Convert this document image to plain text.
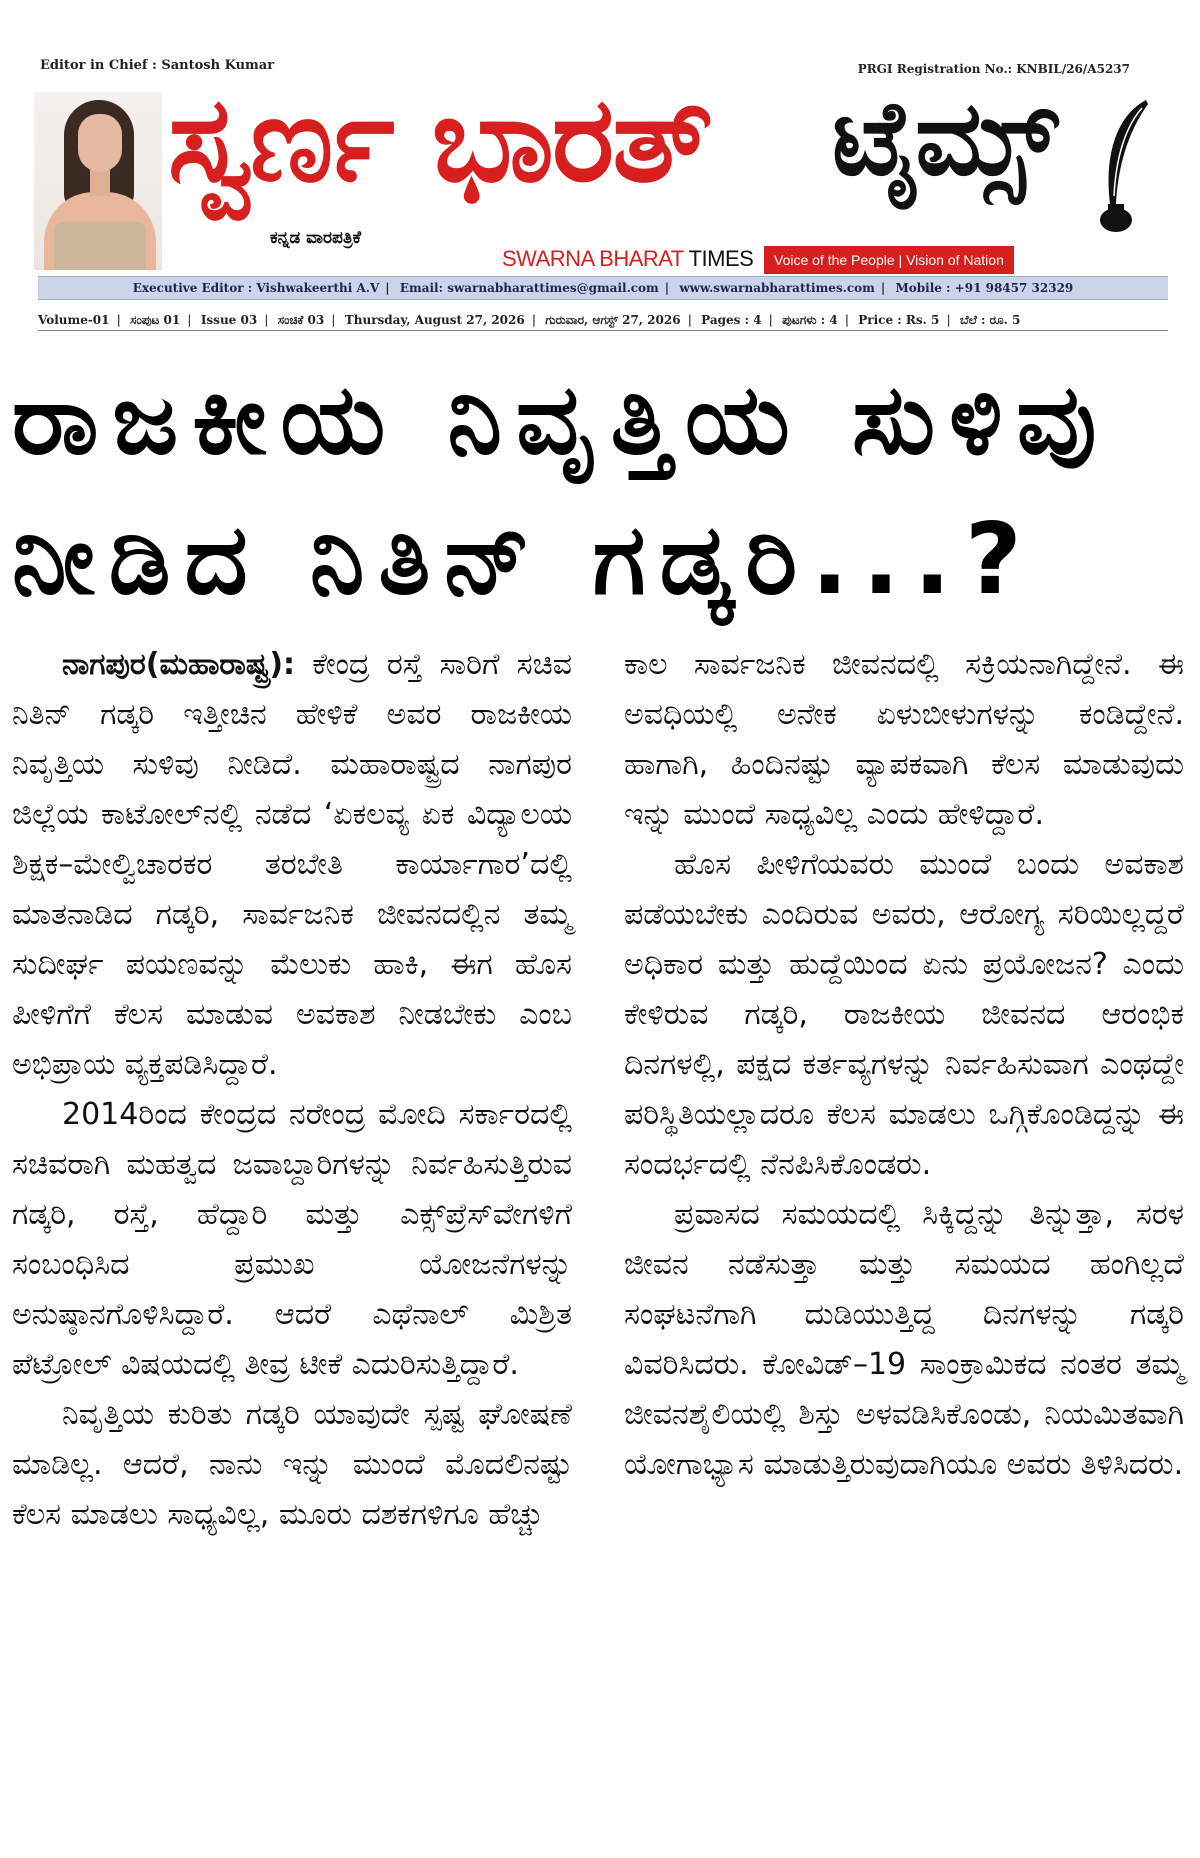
Editor in Chief : Santosh Kumar	PRGI Registration No.: KNBIL/26/A5237
ಸ್ವರ್ಣ ಭಾರತ್ ಟೈಮ್ಸ್
ಕನ್ನಡ ವಾರಪತ್ರಿಕೆ
SWARNA BHARAT TIMES	Voice of the People | Vision of Nation
Executive Editor : Vishwakeerthi A.V | Email: swarnabharattimes@gmail.com | www.swarnabharattimes.com | Mobile : +91 98457 32329
Volume-01 | ಸಂಪುಟ 01 | Issue 03 | ಸಂಚಿಕೆ 03 | Thursday, August 27, 2026 | ಗುರುವಾರ, ಆಗಸ್ಟ್ 27, 2026 | Pages : 4 | ಪುಟಗಳು : 4 | Price : Rs. 5 | ಬೆಲೆ : ರೂ. 5
ರಾಜಕೀಯ ನಿವೃತ್ತಿಯ ಸುಳಿವು
ನೀಡಿದ ನಿತಿನ್ ಗಡ್ಕರಿ...?

ನಾಗಪುರ(ಮಹಾರಾಷ್ಟ್ರ): ಕೇಂದ್ರ ರಸ್ತೆ ಸಾರಿಗೆ ಸಚಿವ ನಿತಿನ್ ಗಡ್ಕರಿ ಇತ್ತೀಚಿನ ಹೇಳಿಕೆ ಅವರ ರಾಜಕೀಯ ನಿವೃತ್ತಿಯ ಸುಳಿವು ನೀಡಿದೆ. ಮಹಾರಾಷ್ಟ್ರದ ನಾಗಪುರ ಜಿಲ್ಲೆಯ ಕಾಟೋಲ್‌ನಲ್ಲಿ ನಡೆದ ‘ಏಕಲವ್ಯ ಏಕ ವಿದ್ಯಾಲಯ ಶಿಕ್ಷಕ–ಮೇಲ್ವಿಚಾರಕರ ತರಬೇತಿ ಕಾರ್ಯಾಗಾರ’ದಲ್ಲಿ ಮಾತನಾಡಿದ ಗಡ್ಕರಿ, ಸಾರ್ವಜನಿಕ ಜೀವನದಲ್ಲಿನ ತಮ್ಮ ಸುದೀರ್ಘ ಪಯಣವನ್ನು ಮೆಲುಕು ಹಾಕಿ, ಈಗ ಹೊಸ ಪೀಳಿಗೆಗೆ ಕೆಲಸ ಮಾಡುವ ಅವಕಾಶ ನೀಡಬೇಕು ಎಂಬ ಅಭಿಪ್ರಾಯ ವ್ಯಕ್ತಪಡಿಸಿದ್ದಾರೆ.

2014ರಿಂದ ಕೇಂದ್ರದ ನರೇಂದ್ರ ಮೋದಿ ಸರ್ಕಾರದಲ್ಲಿ ಸಚಿವರಾಗಿ ಮಹತ್ವದ ಜವಾಬ್ದಾರಿಗಳನ್ನು ನಿರ್ವಹಿಸುತ್ತಿರುವ ಗಡ್ಕರಿ, ರಸ್ತೆ, ಹೆದ್ದಾರಿ ಮತ್ತು ಎಕ್ಸ್‌ಪ್ರೆಸ್‌ವೇಗಳಿಗೆ ಸಂಬಂಧಿಸಿದ ಪ್ರಮುಖ ಯೋಜನೆಗಳನ್ನು ಅನುಷ್ಠಾನಗೊಳಿಸಿದ್ದಾರೆ. ಆದರೆ ಎಥೆನಾಲ್ ಮಿಶ್ರಿತ ಪೆಟ್ರೋಲ್ ವಿಷಯದಲ್ಲಿ ತೀವ್ರ ಟೀಕೆ ಎದುರಿಸುತ್ತಿದ್ದಾರೆ.

ನಿವೃತ್ತಿಯ ಕುರಿತು ಗಡ್ಕರಿ ಯಾವುದೇ ಸ್ಪಷ್ಟ ಘೋಷಣೆ ಮಾಡಿಲ್ಲ. ಆದರೆ, ನಾನು ಇನ್ನು ಮುಂದೆ ಮೊದಲಿನಷ್ಟು ಕೆಲಸ ಮಾಡಲು ಸಾಧ್ಯವಿಲ್ಲ, ಮೂರು ದಶಕಗಳಿಗೂ ಹೆಚ್ಚು

ಕಾಲ ಸಾರ್ವಜನಿಕ ಜೀವನದಲ್ಲಿ ಸಕ್ರಿಯನಾಗಿದ್ದೇನೆ. ಈ ಅವಧಿಯಲ್ಲಿ ಅನೇಕ ಏಳುಬೀಳುಗಳನ್ನು ಕಂಡಿದ್ದೇನೆ. ಹಾಗಾಗಿ, ಹಿಂದಿನಷ್ಟು ವ್ಯಾಪಕವಾಗಿ ಕೆಲಸ ಮಾಡುವುದು ಇನ್ನು ಮುಂದೆ ಸಾಧ್ಯವಿಲ್ಲ ಎಂದು ಹೇಳಿದ್ದಾರೆ.

ಹೊಸ ಪೀಳಿಗೆಯವರು ಮುಂದೆ ಬಂದು ಅವಕಾಶ ಪಡೆಯಬೇಕು ಎಂದಿರುವ ಅವರು, ಆರೋಗ್ಯ ಸರಿಯಿಲ್ಲದ್ದರೆ ಅಧಿಕಾರ ಮತ್ತು ಹುದ್ದೆಯಿಂದ ಏನು ಪ್ರಯೋಜನ? ಎಂದು ಕೇಳಿರುವ ಗಡ್ಕರಿ, ರಾಜಕೀಯ ಜೀವನದ ಆರಂಭಿಕ ದಿನಗಳಲ್ಲಿ, ಪಕ್ಷದ ಕರ್ತವ್ಯಗಳನ್ನು ನಿರ್ವಹಿಸುವಾಗ ಎಂಥದ್ದೇ ಪರಿಸ್ಥಿತಿಯಲ್ಲಾದರೂ ಕೆಲಸ ಮಾಡಲು ಒಗ್ಗಿಕೊಂಡಿದ್ದನ್ನು ಈ ಸಂದರ್ಭದಲ್ಲಿ ನೆನಪಿಸಿಕೊಂಡರು.

ಪ್ರವಾಸದ ಸಮಯದಲ್ಲಿ ಸಿಕ್ಕಿದ್ದನ್ನು ತಿನ್ನುತ್ತಾ, ಸರಳ ಜೀವನ ನಡೆಸುತ್ತಾ ಮತ್ತು ಸಮಯದ ಹಂಗಿಲ್ಲದೆ ಸಂಘಟನೆಗಾಗಿ ದುಡಿಯುತ್ತಿದ್ದ ದಿನಗಳನ್ನು ಗಡ್ಕರಿ ವಿವರಿಸಿದರು. ಕೋವಿಡ್–19 ಸಾಂಕ್ರಾಮಿಕದ ನಂತರ ತಮ್ಮ ಜೀವನಶೈಲಿಯಲ್ಲಿ ಶಿಸ್ತು ಅಳವಡಿಸಿಕೊಂಡು, ನಿಯಮಿತವಾಗಿ ಯೋಗಾಭ್ಯಾಸ ಮಾಡುತ್ತಿರುವುದಾಗಿಯೂ ಅವರು ತಿಳಿಸಿದರು.
